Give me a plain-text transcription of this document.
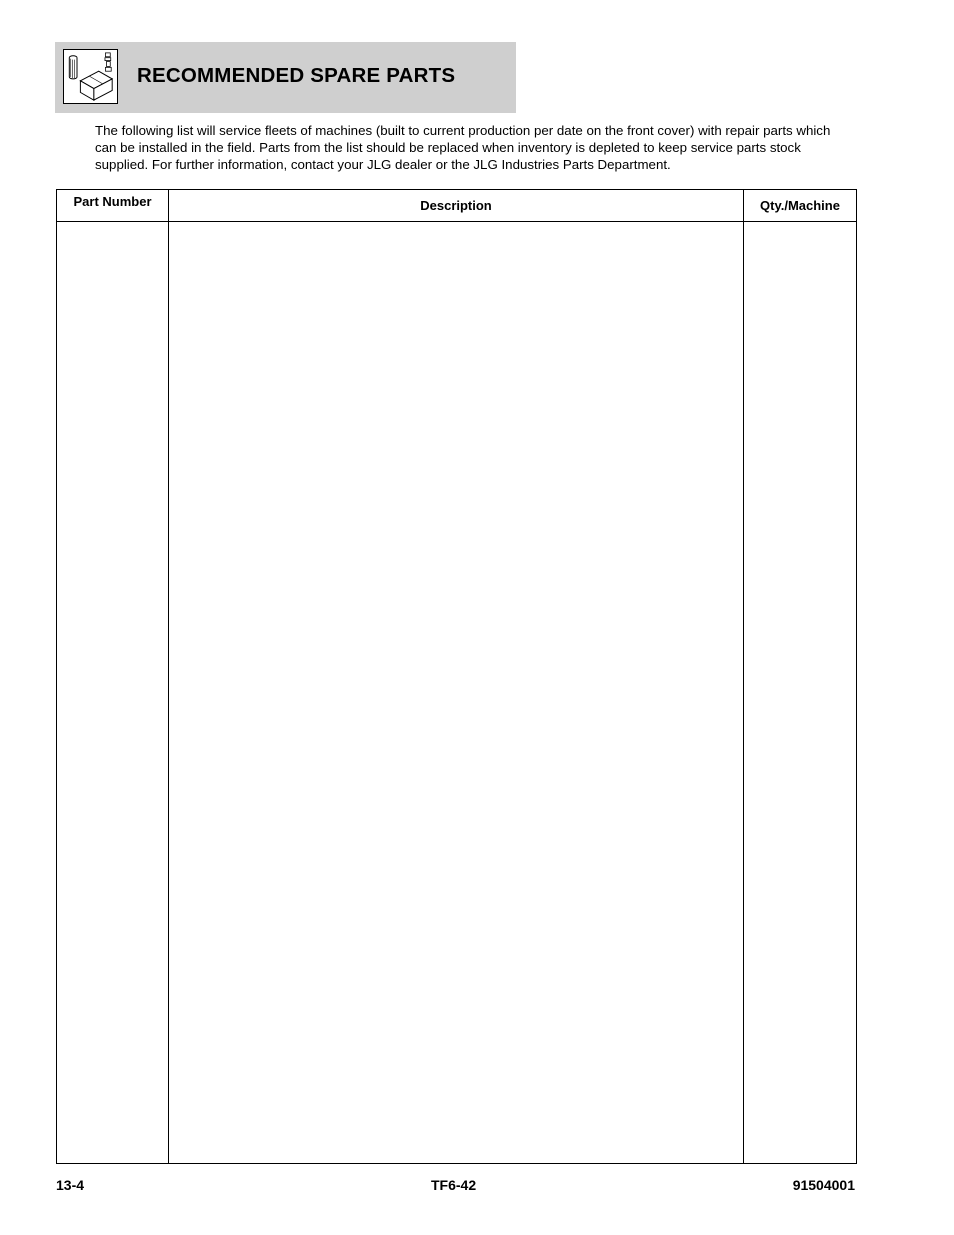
RECOMMENDED SPARE PARTS

The following list will service fleets of machines (built to current production per date on the front cover) with repair parts which can be installed in the field. Parts from the list should be replaced when inventory is depleted to keep service parts stock supplied. For further information, contact your JLG dealer or the JLG Industries Parts Department.

Part Number	Description	Qty./Machine

13-4	TF6-42	91504001
